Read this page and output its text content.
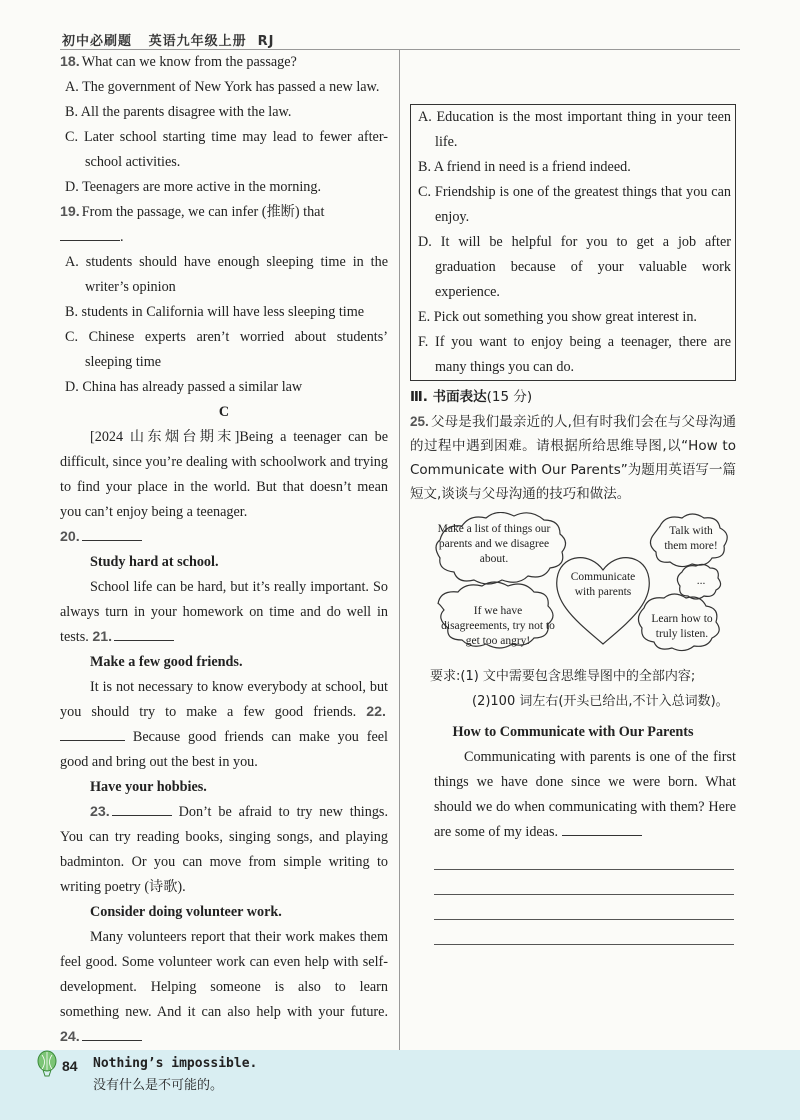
初中必刷题 英语九年级上册 RJ

18. What can we know from the passage?

A. The government of New York has passed a new law.

B. All the parents disagree with the law.

C. Later school starting time may lead to fewer after-school activities.

D. Teenagers are more active in the morning.

19. From the passage, we can infer (推断) that
.

A. students should have enough sleeping time in the writer’s opinion

B. students in California will have less sleeping time

C. Chinese experts aren’t worried about students’ sleeping time

D. China has already passed a similar law

C

[2024 山东烟台期末]Being a teenager can be difficult, since you’re dealing with schoolwork and trying to find your place in the world. But that doesn’t mean you can’t enjoy being a teenager.

20.

Study hard at school.

School life can be hard, but it’s really important. So always turn in your homework on time and do well in tests. 21.

Make a few good friends.

It is not necessary to know everybody at school, but you should try to make a few good friends. 22. Because good friends can make you feel good and bring out the best in you.

Have your hobbies.

23.	Don’t be afraid to try new things. You can try reading books, singing songs, and playing badminton. Or you can move from simple writing to writing poetry (诗歌).

Consider doing volunteer work.

Many volunteers report that their work makes them feel good. Some volunteer work can even help with self-development. Helping someone is also to learn something new. And it can also help with your future. 24.

A. Education is the most important thing in your teen life.

B. A friend in need is a friend indeed.

C. Friendship is one of the greatest things that you can enjoy.

D. It will be helpful for you to get a job after graduation because of your valuable work experience.

E. Pick out something you show great interest in.

F. If you want to enjoy being a teenager, there are many things you can do.

Ⅲ. 书面表达(15 分)

25. 父母是我们最亲近的人,但有时我们会在与父母沟通的过程中遇到困难。请根据所给思维导图,以“How to Communicate with Our Parents”为题用英语写一篇短文,谈谈与父母沟通的技巧和做法。

Make a list of things our parents and we disagree about.
Communicate with parents
Talk with them more!
...
If we have disagreements, try not to get too angry!
Learn how to truly listen.

要求:(1) 文中需要包含思维导图中的全部内容;

(2)100 词左右(开头已给出,不计入总词数)。

How to Communicate with Our Parents

Communicating with parents is one of the first things we have done since we were born. What should we do when communicating with them? Here are some of my ideas.

84 Nothing’s impossible.
没有什么是不可能的。
